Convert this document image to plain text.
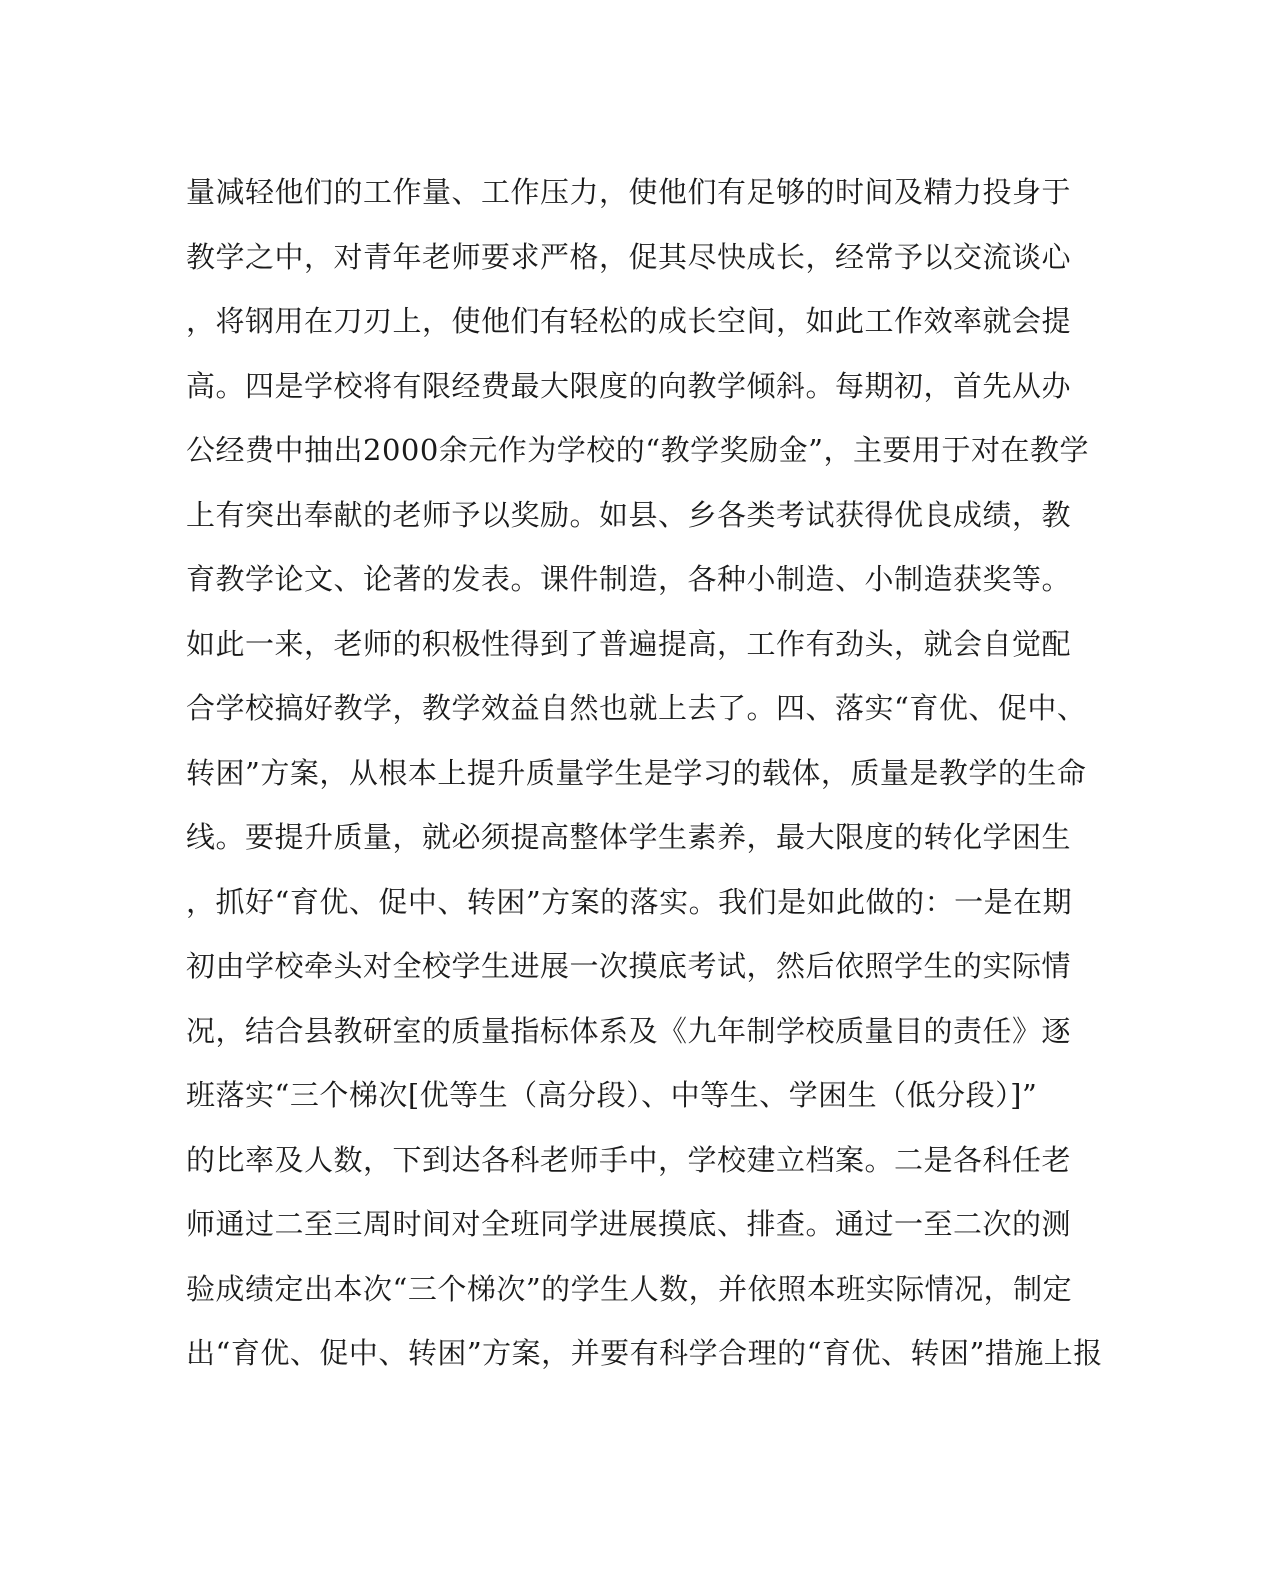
量减轻他们的工作量、工作压力，使他们有足够的时间及精力投身于
教学之中，对青年老师要求严格，促其尽快成长，经常予以交流谈心
，将钢用在刀刃上，使他们有轻松的成长空间，如此工作效率就会提
高。四是学校将有限经费最大限度的向教学倾斜。每期初，首先从办
公经费中抽出2000余元作为学校的“教学奖励金”，主要用于对在教学
上有突出奉献的老师予以奖励。如县、乡各类考试获得优良成绩，教
育教学论文、论著的发表。课件制造，各种小制造、小制造获奖等。
如此一来，老师的积极性得到了普遍提高，工作有劲头，就会自觉配
合学校搞好教学，教学效益自然也就上去了。四、落实“育优、促中、
转困”方案，从根本上提升质量学生是学习的载体，质量是教学的生命
线。要提升质量，就必须提高整体学生素养，最大限度的转化学困生
，抓好“育优、促中、转困”方案的落实。我们是如此做的：一是在期
初由学校牵头对全校学生进展一次摸底考试，然后依照学生的实际情
况，结合县教研室的质量指标体系及《九年制学校质量目的责任》逐
班落实“三个梯次[优等生（高分段）、中等生、学困生（低分段）]”
的比率及人数，下到达各科老师手中，学校建立档案。二是各科任老
师通过二至三周时间对全班同学进展摸底、排查。通过一至二次的测
验成绩定出本次“三个梯次”的学生人数，并依照本班实际情况，制定
出“育优、促中、转困”方案，并要有科学合理的“育优、转困”措施上报
